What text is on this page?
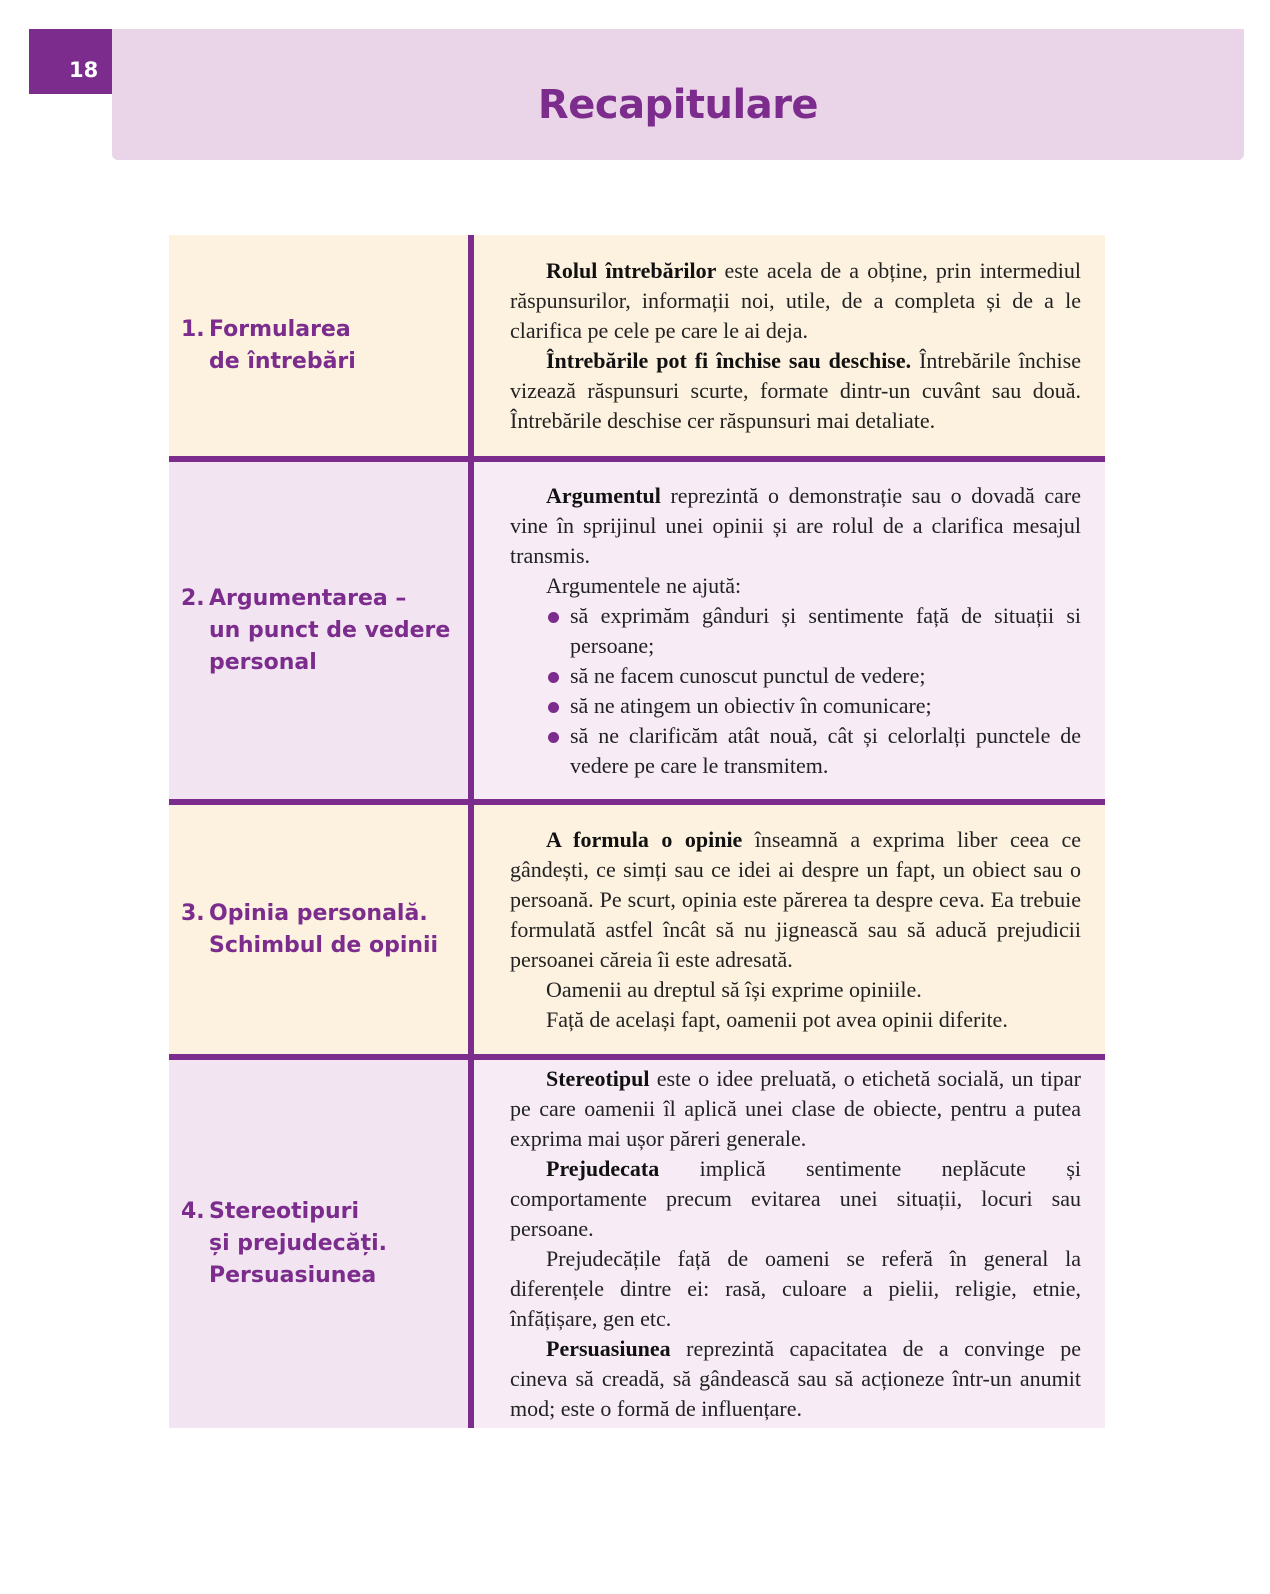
18
Recapitulare
1. Formularea
de întrebări

Rolul întrebărilor este acela de a obține, prin intermediul răspunsurilor, informații noi, utile, de a completa și de a le clarifica pe cele pe care le ai deja.

Întrebările pot fi închise sau deschise. Întrebările închise vizează răspunsuri scurte, formate dintr-un cuvânt sau două. Întrebările deschise cer răspunsuri mai detaliate.

2. Argumentarea –
un punct de vedere
personal

Argumentul reprezintă o demonstrație sau o dovadă care vine în sprijinul unei opinii și are rolul de a clarifica mesajul transmis.

Argumentele ne ajută:

să exprimăm gânduri și sentimente față de situații si persoane;
să ne facem cunoscut punctul de vedere;
să ne atingem un obiectiv în comunicare;
să ne clarificăm atât nouă, cât și celorlalți punctele de vedere pe care le transmitem.
3. Opinia personală.
Schimbul de opinii

A formula o opinie înseamnă a exprima liber ceea ce gândești, ce simți sau ce idei ai despre un fapt, un obiect sau o persoană. Pe scurt, opinia este părerea ta despre ceva. Ea trebuie formulată astfel încât să nu jignească sau să aducă prejudicii persoanei căreia îi este adresată.

Oamenii au dreptul să își exprime opiniile.

Față de același fapt, oamenii pot avea opinii diferite.

4. Stereotipuri
și prejudecăți.
Persuasiunea

Stereotipul este o idee preluată, o etichetă socială, un tipar pe care oamenii îl aplică unei clase de obiecte, pentru a putea exprima mai ușor păreri generale.

Prejudecata implică sentimente neplăcute și comportamente precum evitarea unei situații, locuri sau persoane.

Prejudecățile față de oameni se referă în general la diferențele dintre ei: rasă, culoare a pielii, religie, etnie, înfățișare, gen etc.

Persuasiunea reprezintă capacitatea de a convinge pe cineva să creadă, să gândească sau să acționeze într-un anumit mod; este o formă de influențare.
